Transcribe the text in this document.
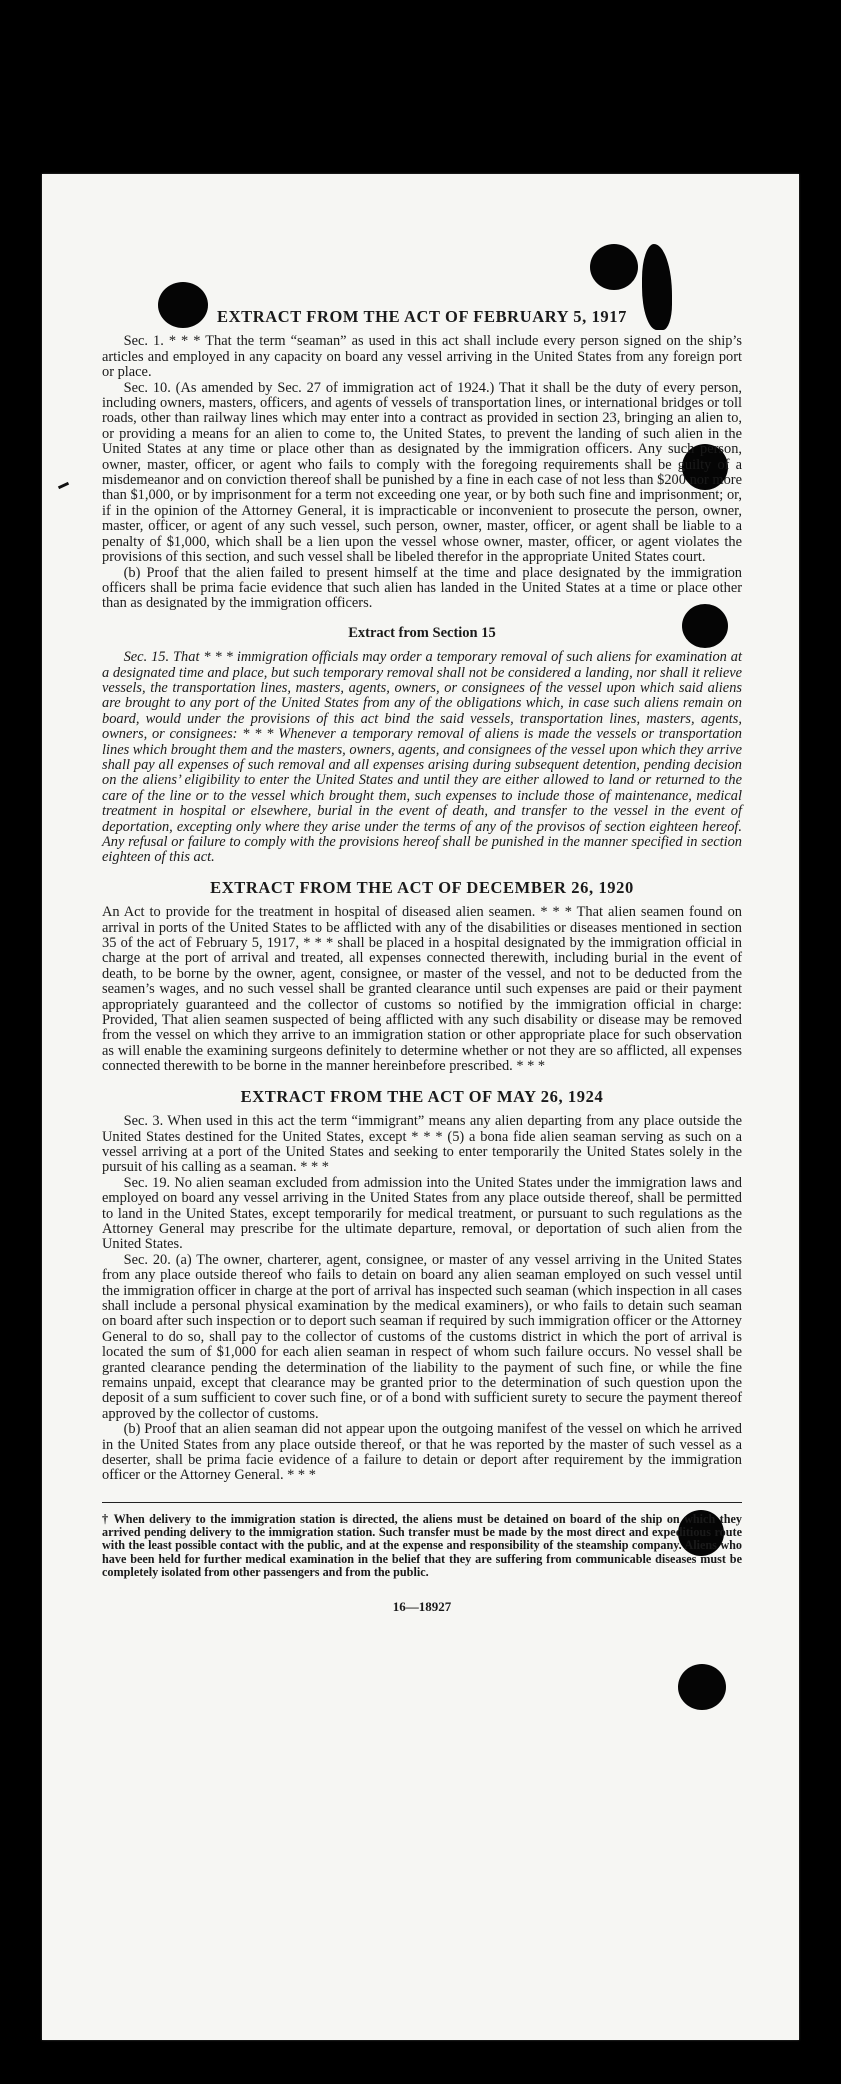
EXTRACT FROM THE ACT OF FEBRUARY 5, 1917

Sec. 1. * * * That the term “seaman” as used in this act shall include every person signed on the ship’s articles and employed in any capacity on board any vessel arriving in the United States from any foreign port or place.

Sec. 10. (As amended by Sec. 27 of immigration act of 1924.) That it shall be the duty of every person, including owners, masters, officers, and agents of vessels of transportation lines, or international bridges or toll roads, other than railway lines which may enter into a contract as provided in section 23, bringing an alien to, or providing a means for an alien to come to, the United States, to prevent the landing of such alien in the United States at any time or place other than as designated by the immigration officers. Any such person, owner, master, officer, or agent who fails to comply with the foregoing requirements shall be guilty of a misdemeanor and on conviction thereof shall be punished by a fine in each case of not less than $200 nor more than $1,000, or by imprisonment for a term not exceeding one year, or by both such fine and imprisonment; or, if in the opinion of the Attorney General, it is impracticable or inconvenient to prosecute the person, owner, master, officer, or agent of any such vessel, such person, owner, master, officer, or agent shall be liable to a penalty of $1,000, which shall be a lien upon the vessel whose owner, master, officer, or agent violates the provisions of this section, and such vessel shall be libeled therefor in the appropriate United States court.

(b) Proof that the alien failed to present himself at the time and place designated by the immigration officers shall be prima facie evidence that such alien has landed in the United States at a time or place other than as designated by the immigration officers.

Extract from Section 15

Sec. 15. That * * * immigration officials may order a temporary removal of such aliens for examination at a designated time and place, but such temporary removal shall not be considered a landing, nor shall it relieve vessels, the transportation lines, masters, agents, owners, or consignees of the vessel upon which said aliens are brought to any port of the United States from any of the obligations which, in case such aliens remain on board, would under the provisions of this act bind the said vessels, transportation lines, masters, agents, owners, or consignees: * * * Whenever a temporary removal of aliens is made the vessels or transportation lines which brought them and the masters, owners, agents, and consignees of the vessel upon which they arrive shall pay all expenses of such removal and all expenses arising during subsequent detention, pending decision on the aliens’ eligibility to enter the United States and until they are either allowed to land or returned to the care of the line or to the vessel which brought them, such expenses to include those of maintenance, medical treatment in hospital or elsewhere, burial in the event of death, and transfer to the vessel in the event of deportation, excepting only where they arise under the terms of any of the provisos of section eighteen hereof. Any refusal or failure to comply with the provisions hereof shall be punished in the manner specified in section eighteen of this act.

EXTRACT FROM THE ACT OF DECEMBER 26, 1920

An Act to provide for the treatment in hospital of diseased alien seamen. * * * That alien seamen found on arrival in ports of the United States to be afflicted with any of the disabilities or diseases mentioned in section 35 of the act of February 5, 1917, * * * shall be placed in a hospital designated by the immigration official in charge at the port of arrival and treated, all expenses connected therewith, including burial in the event of death, to be borne by the owner, agent, consignee, or master of the vessel, and not to be deducted from the seamen’s wages, and no such vessel shall be granted clearance until such expenses are paid or their payment appropriately guaranteed and the collector of customs so notified by the immigration official in charge: Provided, That alien seamen suspected of being afflicted with any such disability or disease may be removed from the vessel on which they arrive to an immigration station or other appropriate place for such observation as will enable the examining surgeons definitely to determine whether or not they are so afflicted, all expenses connected therewith to be borne in the manner hereinbefore prescribed. * * *

EXTRACT FROM THE ACT OF MAY 26, 1924

Sec. 3. When used in this act the term “immigrant” means any alien departing from any place outside the United States destined for the United States, except * * * (5) a bona fide alien seaman serving as such on a vessel arriving at a port of the United States and seeking to enter temporarily the United States solely in the pursuit of his calling as a seaman. * * *

Sec. 19. No alien seaman excluded from admission into the United States under the immigration laws and employed on board any vessel arriving in the United States from any place outside thereof, shall be permitted to land in the United States, except temporarily for medical treatment, or pursuant to such regulations as the Attorney General may prescribe for the ultimate departure, removal, or deportation of such alien from the United States.

Sec. 20. (a) The owner, charterer, agent, consignee, or master of any vessel arriving in the United States from any place outside thereof who fails to detain on board any alien seaman employed on such vessel until the immigration officer in charge at the port of arrival has inspected such seaman (which inspection in all cases shall include a personal physical examination by the medical examiners), or who fails to detain such seaman on board after such inspection or to deport such seaman if required by such immigration officer or the Attorney General to do so, shall pay to the collector of customs of the customs district in which the port of arrival is located the sum of $1,000 for each alien seaman in respect of whom such failure occurs. No vessel shall be granted clearance pending the determination of the liability to the payment of such fine, or while the fine remains unpaid, except that clearance may be granted prior to the determination of such question upon the deposit of a sum sufficient to cover such fine, or of a bond with sufficient surety to secure the payment thereof approved by the collector of customs.

(b) Proof that an alien seaman did not appear upon the outgoing manifest of the vessel on which he arrived in the United States from any place outside thereof, or that he was reported by the master of such vessel as a deserter, shall be prima facie evidence of a failure to detain or deport after requirement by the immigration officer or the Attorney General. * * *

† When delivery to the immigration station is directed, the aliens must be detained on board of the ship on which they arrived pending delivery to the immigration station. Such transfer must be made by the most direct and expeditious route with the least possible contact with the public, and at the expense and responsibility of the steamship company. Aliens who have been held for further medical examination in the belief that they are suffering from communicable diseases must be completely isolated from other passengers and from the public.
16—18927
